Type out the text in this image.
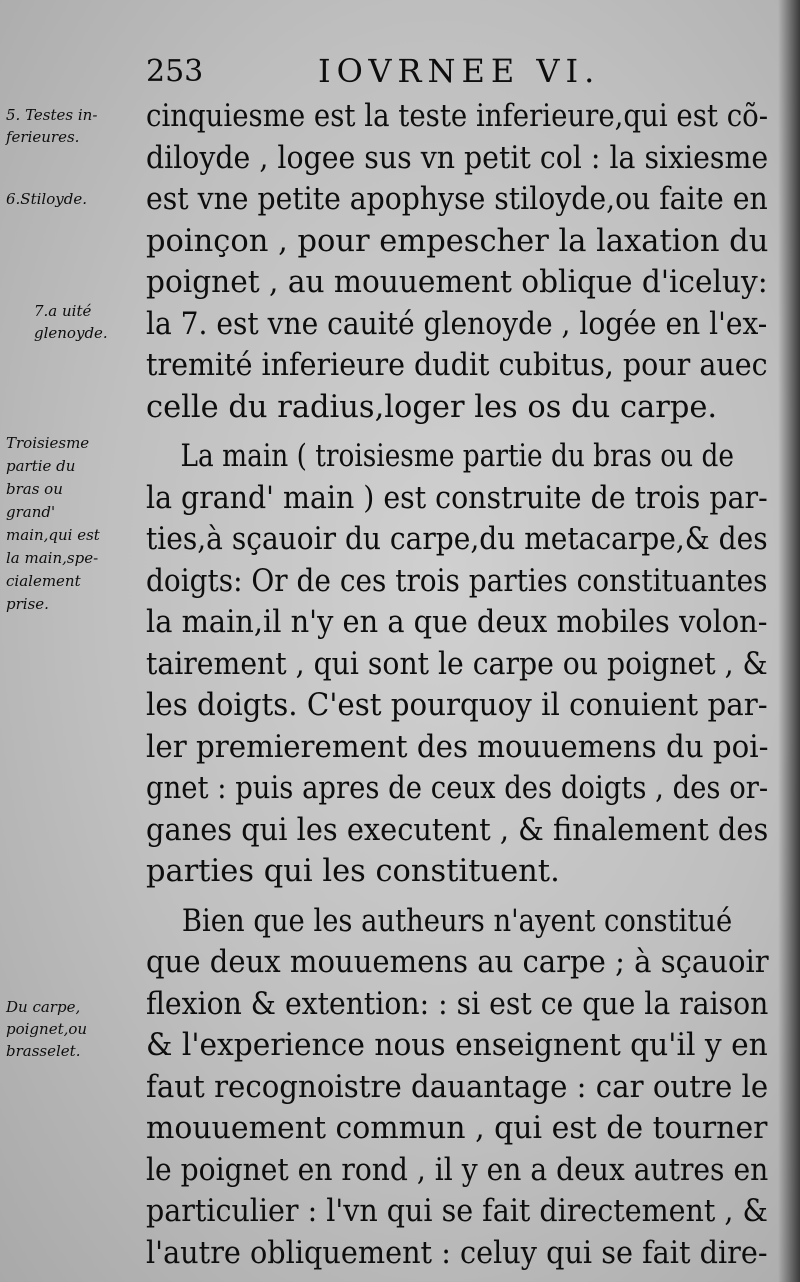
253	IOVRNEE VI.
cinquiesme est la teste inferieure,qui est cõ-
diloyde , logee sus vn petit col : la sixiesme
est vne petite apophyse stiloyde,ou faite en
poinçon , pour empescher la laxation du
poignet , au mouuement oblique d'iceluy:
la 7. est vne cauité glenoyde , logée en l'ex-
tremité inferieure dudit cubitus, pour auec
celle du radius,loger les os du carpe.
La main ( troisiesme partie du bras ou de
la grand' main ) est construite de trois par-
ties,à sçauoir du carpe,du metacarpe,& des
doigts: Or de ces trois parties constituantes
la main,il n'y en a que deux mobiles volon-
tairement , qui sont le carpe ou poignet , &
les doigts. C'est pourquoy il conuient par-
ler premierement des mouuemens du poi-
gnet : puis apres de ceux des doigts , des or-
ganes qui les executent , & finalement des
parties qui les constituent.
Bien que les autheurs n'ayent constitué
que deux mouuemens au carpe ; à sçauoir
flexion & extention: : si est ce que la raison
& l'experience nous enseignent qu'il y en
faut recognoistre dauantage : car outre le
mouuement commun , qui est de tourner
le poignet en rond , il y en a deux autres en
particulier : l'vn qui se fait directement , &
l'autre obliquement : celuy qui se fait dire-
5. Testes in-
ferieures.
6.Stiloyde.
7.a uité
glenoyde.
Troisiesme
partie du
bras ou
grand'
main,qui est
la main,spe-
cialement
prise.
Du carpe,
poignet,ou
brasselet.
